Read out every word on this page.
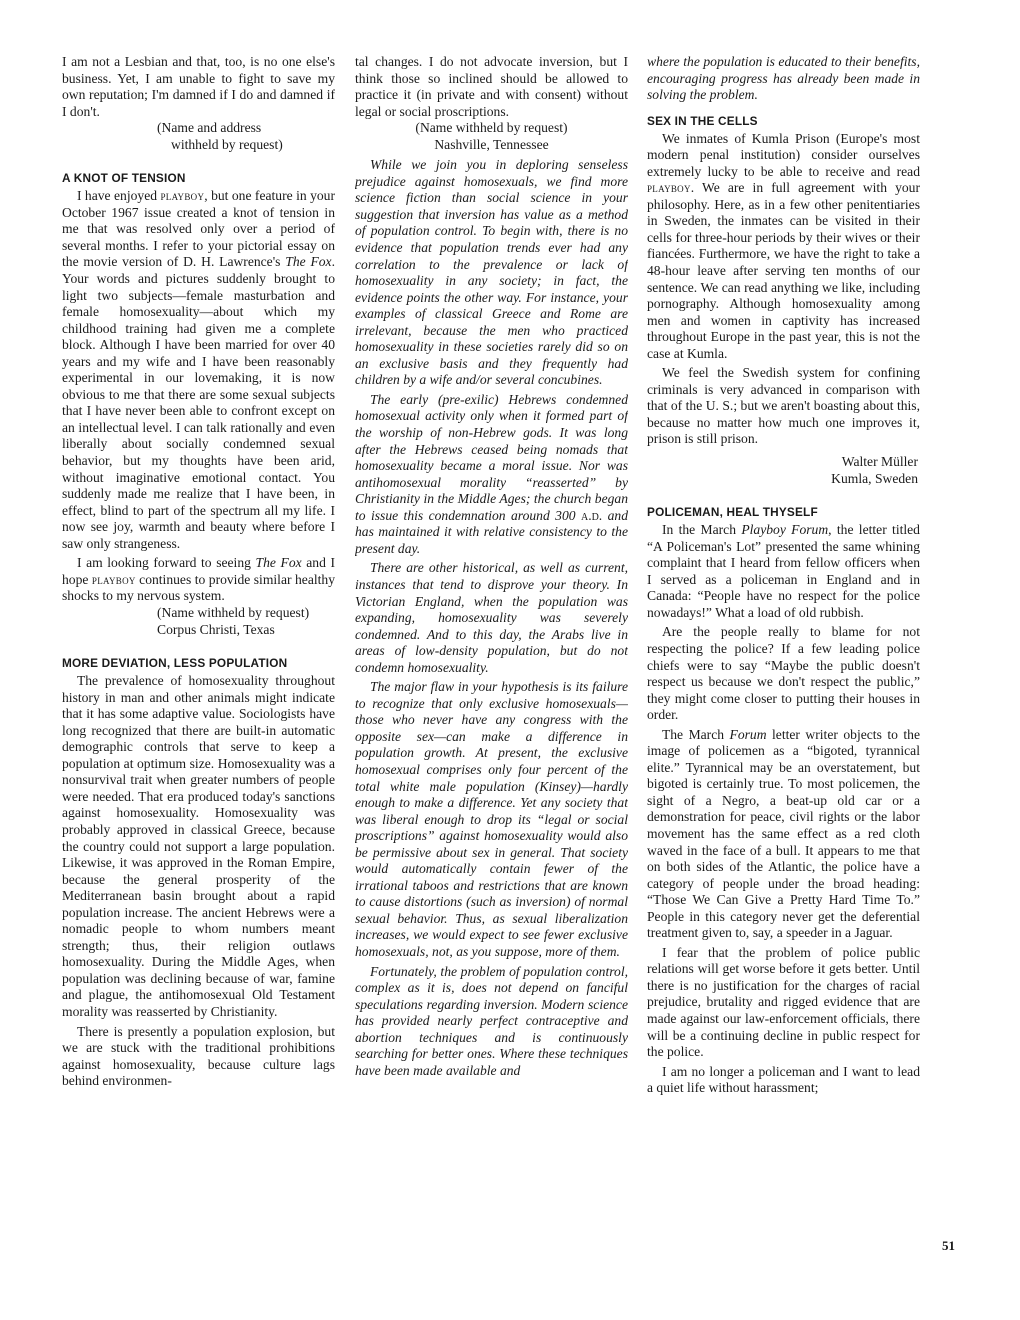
I am not a Lesbian and that, too, is no one else's business. Yet, I am unable to fight to save my own reputation; I'm damned if I do and damned if I don't.

(Name and address
withheld by request)
A KNOT OF TENSION

I have enjoyed playboy, but one feature in your October 1967 issue created a knot of tension in me that was resolved only over a period of several months. I refer to your pictorial essay on the movie version of D. H. Lawrence's The Fox. Your words and pictures suddenly brought to light two subjects—female masturbation and female homosexuality—about which my childhood training had given me a complete block. Although I have been married for over 40 years and my wife and I have been reasonably experimental in our lovemaking, it is now obvious to me that there are some sexual subjects that I have never been able to confront except on an intellectual level. I can talk rationally and even liberally about socially condemned sexual behavior, but my thoughts have been arid, without imaginative emotional contact. You suddenly made me realize that I have been, in effect, blind to part of the spectrum all my life. I now see joy, warmth and beauty where before I saw only strangeness.

I am looking forward to seeing The Fox and I hope playboy continues to provide similar healthy shocks to my nervous system.

(Name withheld by request)
Corpus Christi, Texas
MORE DEVIATION, LESS POPULATION

The prevalence of homosexuality throughout history in man and other animals might indicate that it has some adaptive value. Sociologists have long recognized that there are built-in automatic demographic controls that serve to keep a population at optimum size. Homosexuality was a nonsurvival trait when greater numbers of people were needed. That era produced today's sanctions against homosexuality. Homosexuality was probably approved in classical Greece, because the country could not support a large population. Likewise, it was approved in the Roman Empire, because the general prosperity of the Mediterranean basin brought about a rapid population increase. The ancient Hebrews were a nomadic people to whom numbers meant strength; thus, their religion outlaws homosexuality. During the Middle Ages, when population was declining because of war, famine and plague, the antihomosexual Old Testament morality was reasserted by Christianity.

There is presently a population explosion, but we are stuck with the traditional prohibitions against homosexuality, because culture lags behind environmen-

tal changes. I do not advocate inversion, but I think those so inclined should be allowed to practice it (in private and with consent) without legal or social proscriptions.

(Name withheld by request)
Nashville, Tennessee

While we join you in deploring senseless prejudice against homosexuals, we find more science fiction than social science in your suggestion that inversion has value as a method of population control. To begin with, there is no evidence that population trends ever had any correlation to the prevalence or lack of homosexuality in any society; in fact, the evidence points the other way. For instance, your examples of classical Greece and Rome are irrelevant, because the men who practiced homosexuality in these societies rarely did so on an exclusive basis and they frequently had children by a wife and/or several concubines.

The early (pre-exilic) Hebrews condemned homosexual activity only when it formed part of the worship of non-Hebrew gods. It was long after the Hebrews ceased being nomads that homosexuality became a moral issue. Nor was antihomosexual morality “reasserted” by Christianity in the Middle Ages; the church began to issue this condemnation around 300 a.d. and has maintained it with relative consistency to the present day.

There are other historical, as well as current, instances that tend to disprove your theory. In Victorian England, when the population was expanding, homosexuality was severely condemned. And to this day, the Arabs live in areas of low-density population, but do not condemn homosexuality.

The major flaw in your hypothesis is its failure to recognize that only exclusive homosexuals—those who never have any congress with the opposite sex—can make a difference in population growth. At present, the exclusive homosexual comprises only four percent of the total white male population (Kinsey)—hardly enough to make a difference. Yet any society that was liberal enough to drop its “legal or social proscriptions” against homosexuality would also be permissive about sex in general. That society would automatically contain fewer of the irrational taboos and restrictions that are known to cause distortions (such as inversion) of normal sexual behavior. Thus, as sexual liberalization increases, we would expect to see fewer exclusive homosexuals, not, as you suppose, more of them.

Fortunately, the problem of population control, complex as it is, does not depend on fanciful speculations regarding inversion. Modern science has provided nearly perfect contraceptive and abortion techniques and is continuously searching for better ones. Where these techniques have been made available and

where the population is educated to their benefits, encouraging progress has already been made in solving the problem.

SEX IN THE CELLS

We inmates of Kumla Prison (Europe's most modern penal institution) consider ourselves extremely lucky to be able to receive and read playboy. We are in full agreement with your philosophy. Here, as in a few other penitentiaries in Sweden, the inmates can be visited in their cells for three-hour periods by their wives or their fiancées. Furthermore, we have the right to take a 48-hour leave after serving ten months of our sentence. We can read anything we like, including pornography. Although homosexuality among men and women in captivity has increased throughout Europe in the past year, this is not the case at Kumla.

We feel the Swedish system for confining criminals is very advanced in comparison with that of the U. S.; but we aren't boasting about this, because no matter how much one improves it, prison is still prison.

Walter Müller
Kumla, Sweden
POLICEMAN, HEAL THYSELF

In the March Playboy Forum, the letter titled “A Policeman's Lot” presented the same whining complaint that I heard from fellow officers when I served as a policeman in England and in Canada: “People have no respect for the police nowadays!” What a load of old rubbish.

Are the people really to blame for not respecting the police? If a few leading police chiefs were to say “Maybe the public doesn't respect us because we don't respect the public,” they might come closer to putting their houses in order.

The March Forum letter writer objects to the image of policemen as a “bigoted, tyrannical elite.” Tyrannical may be an overstatement, but bigoted is certainly true. To most policemen, the sight of a Negro, a beat-up old car or a demonstration for peace, civil rights or the labor movement has the same effect as a red cloth waved in the face of a bull. It appears to me that on both sides of the Atlantic, the police have a category of people under the broad heading: “Those We Can Give a Pretty Hard Time To.” People in this category never get the deferential treatment given to, say, a speeder in a Jaguar.

I fear that the problem of police public relations will get worse before it gets better. Until there is no justification for the charges of racial prejudice, brutality and rigged evidence that are made against our law-enforcement officials, there will be a continuing decline in public respect for the police.

I am no longer a policeman and I want to lead a quiet life without harassment;

51
